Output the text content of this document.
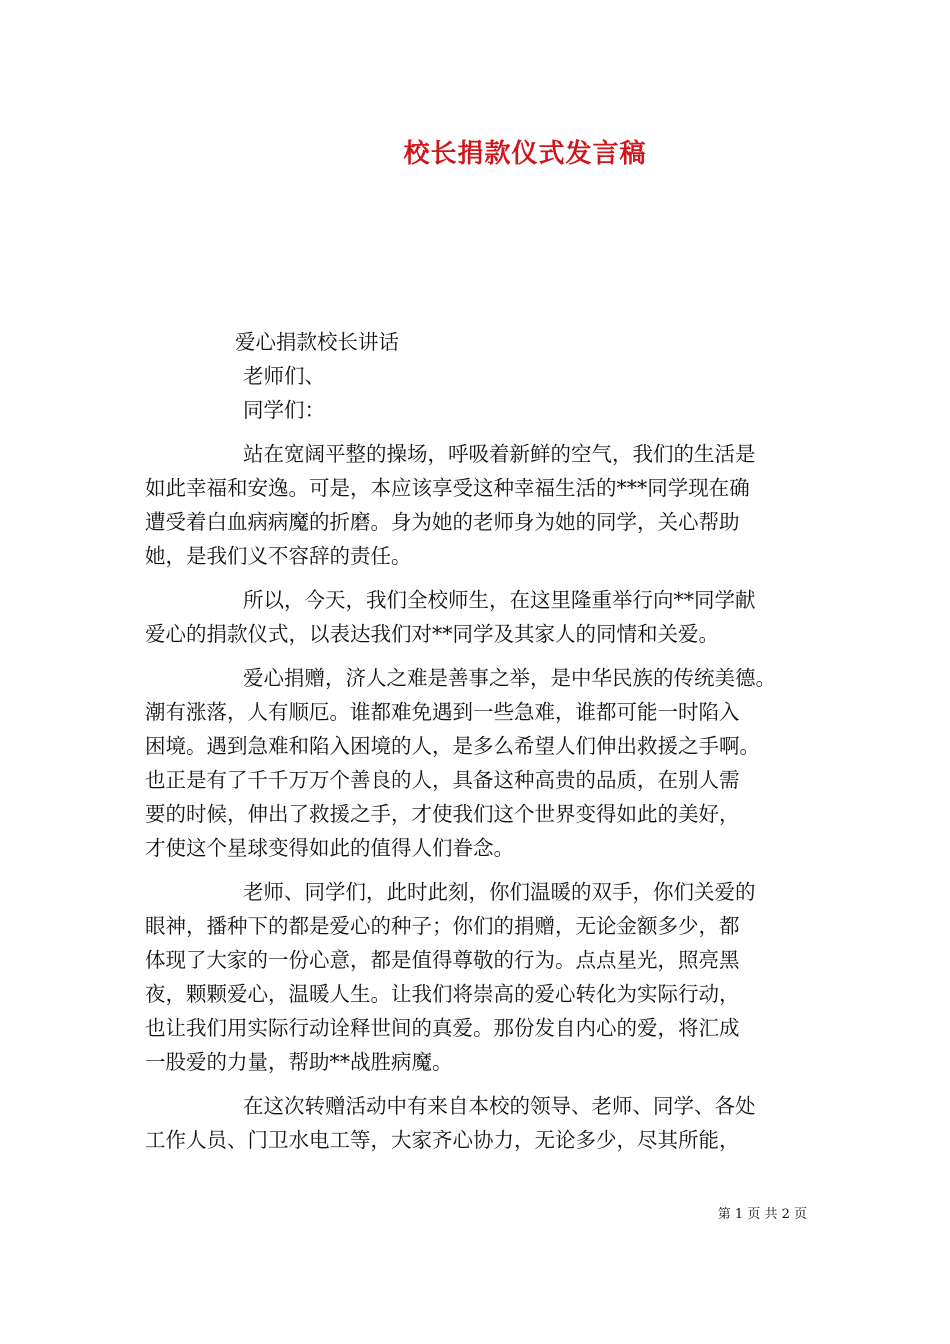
校长捐款仪式发言稿
爱心捐款校长讲话
老师们、
同学们：
站在宽阔平整的操场，呼吸着新鲜的空气，我们的生活是
如此幸福和安逸。可是，本应该享受这种幸福生活的***同学现在确
遭受着白血病病魔的折磨。身为她的老师身为她的同学，关心帮助
她，是我们义不容辞的责任。
所以，今天，我们全校师生，在这里隆重举行向**同学献
爱心的捐款仪式，以表达我们对**同学及其家人的同情和关爱。
爱心捐赠，济人之难是善事之举，是中华民族的传统美德。
潮有涨落，人有顺厄。谁都难免遇到一些急难，谁都可能一时陷入
困境。遇到急难和陷入困境的人，是多么希望人们伸出救援之手啊。
也正是有了千千万万个善良的人，具备这种高贵的品质，在别人需
要的时候，伸出了救援之手，才使我们这个世界变得如此的美好，
才使这个星球变得如此的值得人们眷念。
老师、同学们，此时此刻，你们温暖的双手，你们关爱的
眼神，播种下的都是爱心的种子；你们的捐赠，无论金额多少，都
体现了大家的一份心意，都是值得尊敬的行为。点点星光，照亮黑
夜，颗颗爱心，温暖人生。让我们将崇高的爱心转化为实际行动，
也让我们用实际行动诠释世间的真爱。那份发自内心的爱，将汇成
一股爱的力量，帮助**战胜病魔。
在这次转赠活动中有来自本校的领导、老师、同学、各处
工作人员、门卫水电工等，大家齐心协力，无论多少，尽其所能，
第 1 页 共 2 页
